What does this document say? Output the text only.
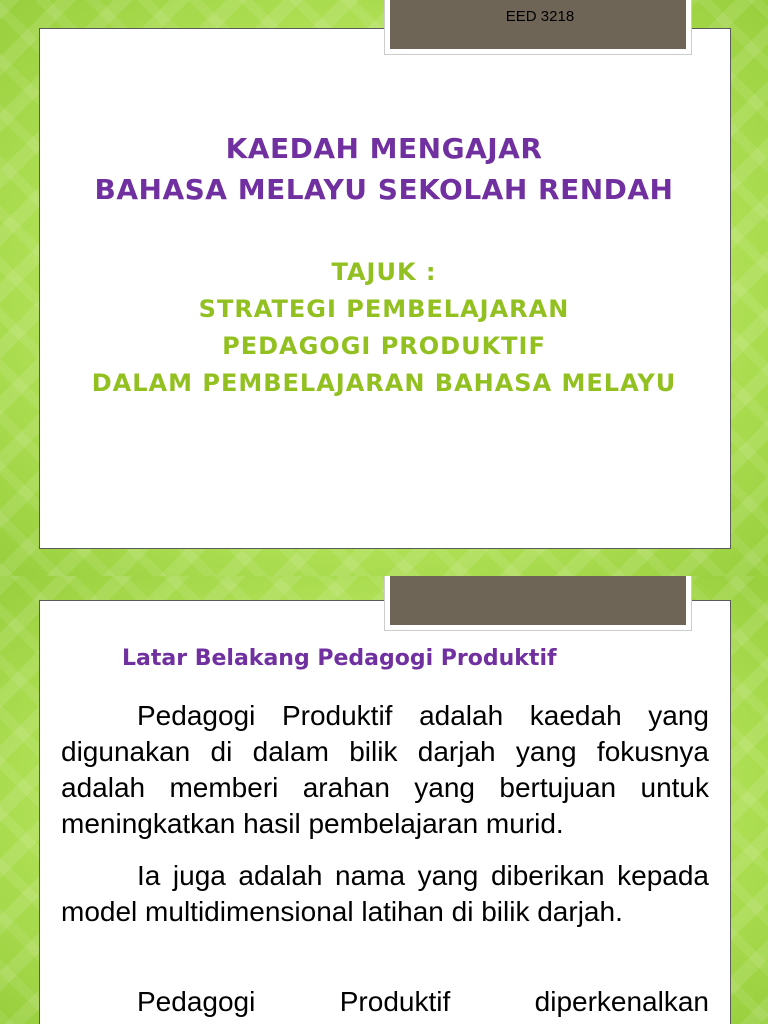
EED 3218
KAEDAH MENGAJAR
BAHASA MELAYU SEKOLAH RENDAH
TAJUK :
STRATEGI PEMBELAJARAN
PEDAGOGI PRODUKTIF
DALAM PEMBELAJARAN BAHASA MELAYU
Latar Belakang Pedagogi Produktif

Pedagogi Produktif adalah kaedah yang digunakan di dalam bilik darjah yang fokusnya adalah memberi arahan yang bertujuan untuk meningkatkan hasil pembelajaran murid.

Ia juga adalah nama yang diberikan kepada model multidimensional latihan di bilik darjah.

Pedagogi Produktif diperkenalkan
